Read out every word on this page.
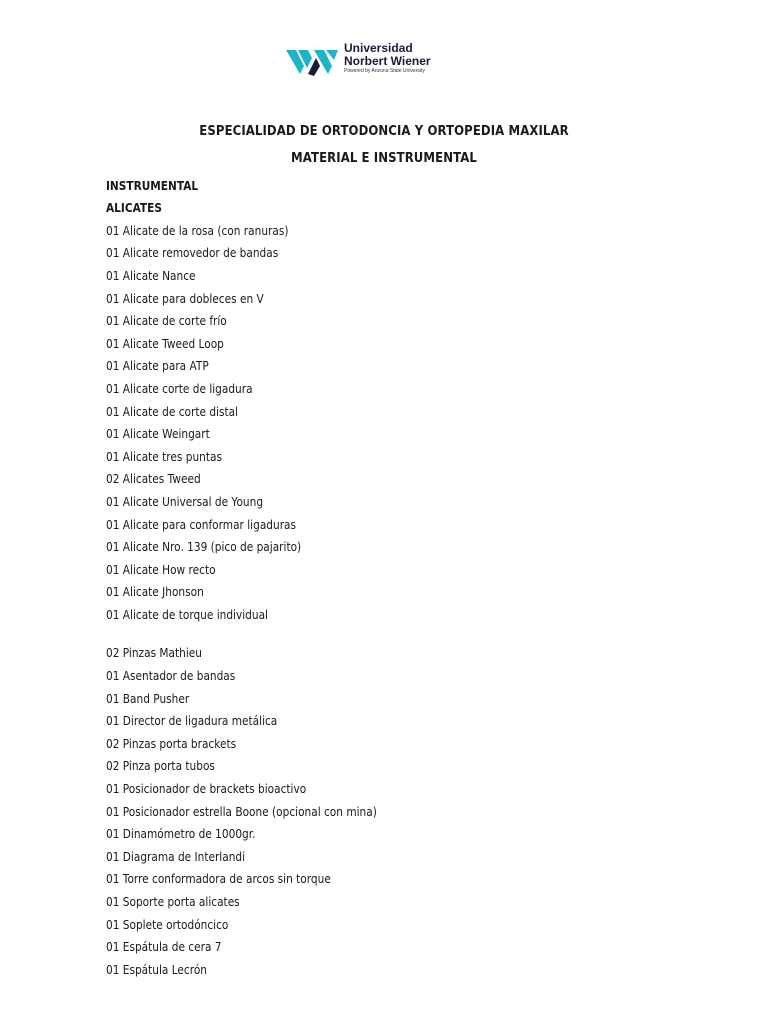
Universidad
Norbert Wiener
Powered by Arizona State University
ESPECIALIDAD DE ORTODONCIA Y ORTOPEDIA MAXILAR
MATERIAL E INSTRUMENTAL
INSTRUMENTAL
ALICATES
01 Alicate de la rosa (con ranuras)
01 Alicate removedor de bandas
01 Alicate Nance
01 Alicate para dobleces en V
01 Alicate de corte frío
01 Alicate Tweed Loop
01 Alicate para ATP
01 Alicate corte de ligadura
01 Alicate de corte distal
01 Alicate Weingart
01 Alicate tres puntas
02 Alicates Tweed
01 Alicate Universal de Young
01 Alicate para conformar ligaduras
01 Alicate Nro. 139 (pico de pajarito)
01 Alicate How recto
01 Alicate Jhonson
01 Alicate de torque individual
02 Pinzas Mathieu
01 Asentador de bandas
01 Band Pusher
01 Director de ligadura metálica
02 Pinzas porta brackets
02 Pinza porta tubos
01 Posicionador de brackets bioactivo
01 Posicionador estrella Boone (opcional con mina)
01 Dinamómetro de 1000gr.
01 Diagrama de Interlandi
01 Torre conformadora de arcos sin torque
01 Soporte porta alicates
01 Soplete ortodóncico
01 Espátula de cera 7
01 Espátula Lecrón
